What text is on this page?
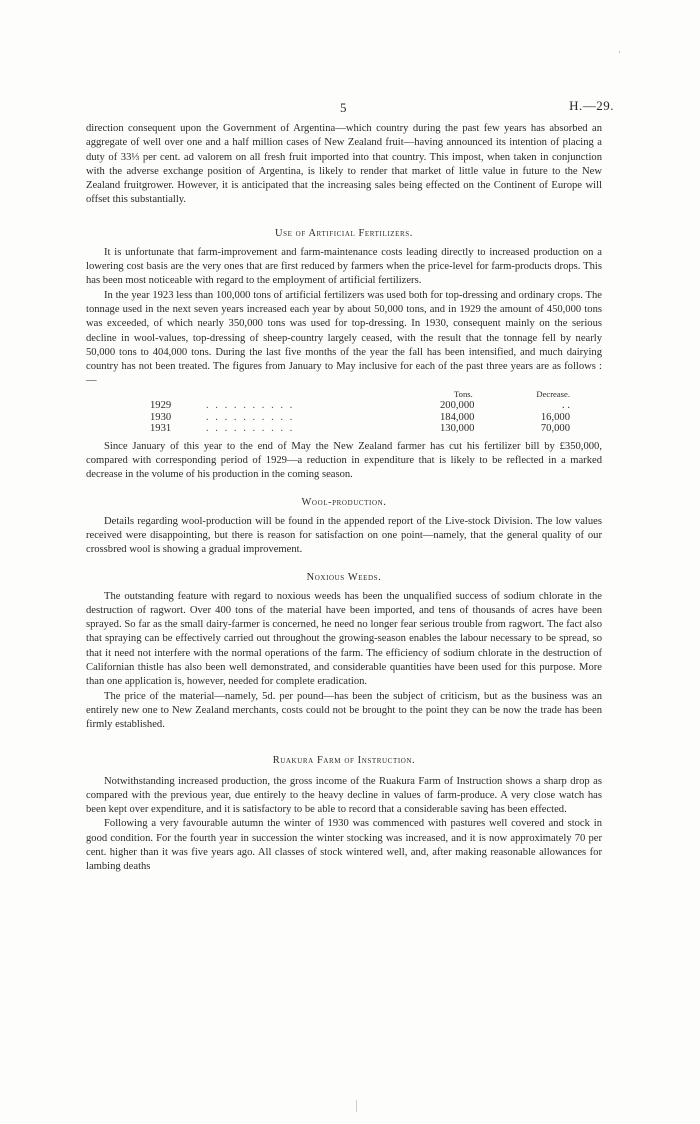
·
5	H.—29.

direction consequent upon the Government of Argentina—which country during the past few years has absorbed an aggregate of well over one and a half million cases of New Zealand fruit—having announced its intention of placing a duty of 33⅓ per cent. ad valorem on all fresh fruit imported into that country. This impost, when taken in conjunction with the adverse exchange position of Argentina, is likely to render that market of little value in future to the New Zealand fruitgrower. However, it is anticipated that the increasing sales being effected on the Continent of Europe will offset this substantially.

Use of Artificial Fertilizers.

It is unfortunate that farm-improvement and farm-maintenance costs leading directly to increased production on a lowering cost basis are the very ones that are first reduced by farmers when the price-level for farm-products drops. This has been most noticeable with regard to the employment of artificial fertilizers.

In the year 1923 less than 100,000 tons of artificial fertilizers was used both for top-dressing and ordinary crops. The tonnage used in the next seven years increased each year by about 50,000 tons, and in 1929 the amount of 450,000 tons was exceeded, of which nearly 350,000 tons was used for top-dressing. In 1930, consequent mainly on the serious decline in wool-values, top-dressing of sheep-country largely ceased, with the result that the tonnage fell by nearly 50,000 tons to 404,000 tons. During the last five months of the year the fall has been intensified, and much dairying country has not been treated. The figures from January to May inclusive for each of the past three years are as follows :—

Tons.	Decrease.
1929	. . . . . . . . . .	200,000	. .
1930	. . . . . . . . . .	184,000	16,000
1931	. . . . . . . . . .	130,000	70,000

Since January of this year to the end of May the New Zealand farmer has cut his fertilizer bill by £350,000, compared with corresponding period of 1929—a reduction in expenditure that is likely to be reflected in a marked decrease in the volume of his production in the coming season.

Wool-production.

Details regarding wool-production will be found in the appended report of the Live-stock Division. The low values received were disappointing, but there is reason for satisfaction on one point—namely, that the general quality of our crossbred wool is showing a gradual improvement.

Noxious Weeds.

The outstanding feature with regard to noxious weeds has been the unqualified success of sodium chlorate in the destruction of ragwort. Over 400 tons of the material have been imported, and tens of thousands of acres have been sprayed. So far as the small dairy-farmer is concerned, he need no longer fear serious trouble from ragwort. The fact also that spraying can be effectively carried out throughout the growing-season enables the labour necessary to be spread, so that it need not interfere with the normal operations of the farm. The efficiency of sodium chlorate in the destruction of Californian thistle has also been well demonstrated, and considerable quantities have been used for this purpose. More than one application is, however, needed for complete eradication.

The price of the material—namely, 5d. per pound—has been the subject of criticism, but as the business was an entirely new one to New Zealand merchants, costs could not be brought to the point they can be now the trade has been firmly established.

Ruakura Farm of Instruction.

Notwithstanding increased production, the gross income of the Ruakura Farm of Instruction shows a sharp drop as compared with the previous year, due entirely to the heavy decline in values of farm-produce. A very close watch has been kept over expenditure, and it is satisfactory to be able to record that a considerable saving has been effected.

Following a very favourable autumn the winter of 1930 was commenced with pastures well covered and stock in good condition. For the fourth year in succession the winter stocking was increased, and it is now approximately 70 per cent. higher than it was five years ago. All classes of stock wintered well, and, after making reasonable allowances for lambing deaths
